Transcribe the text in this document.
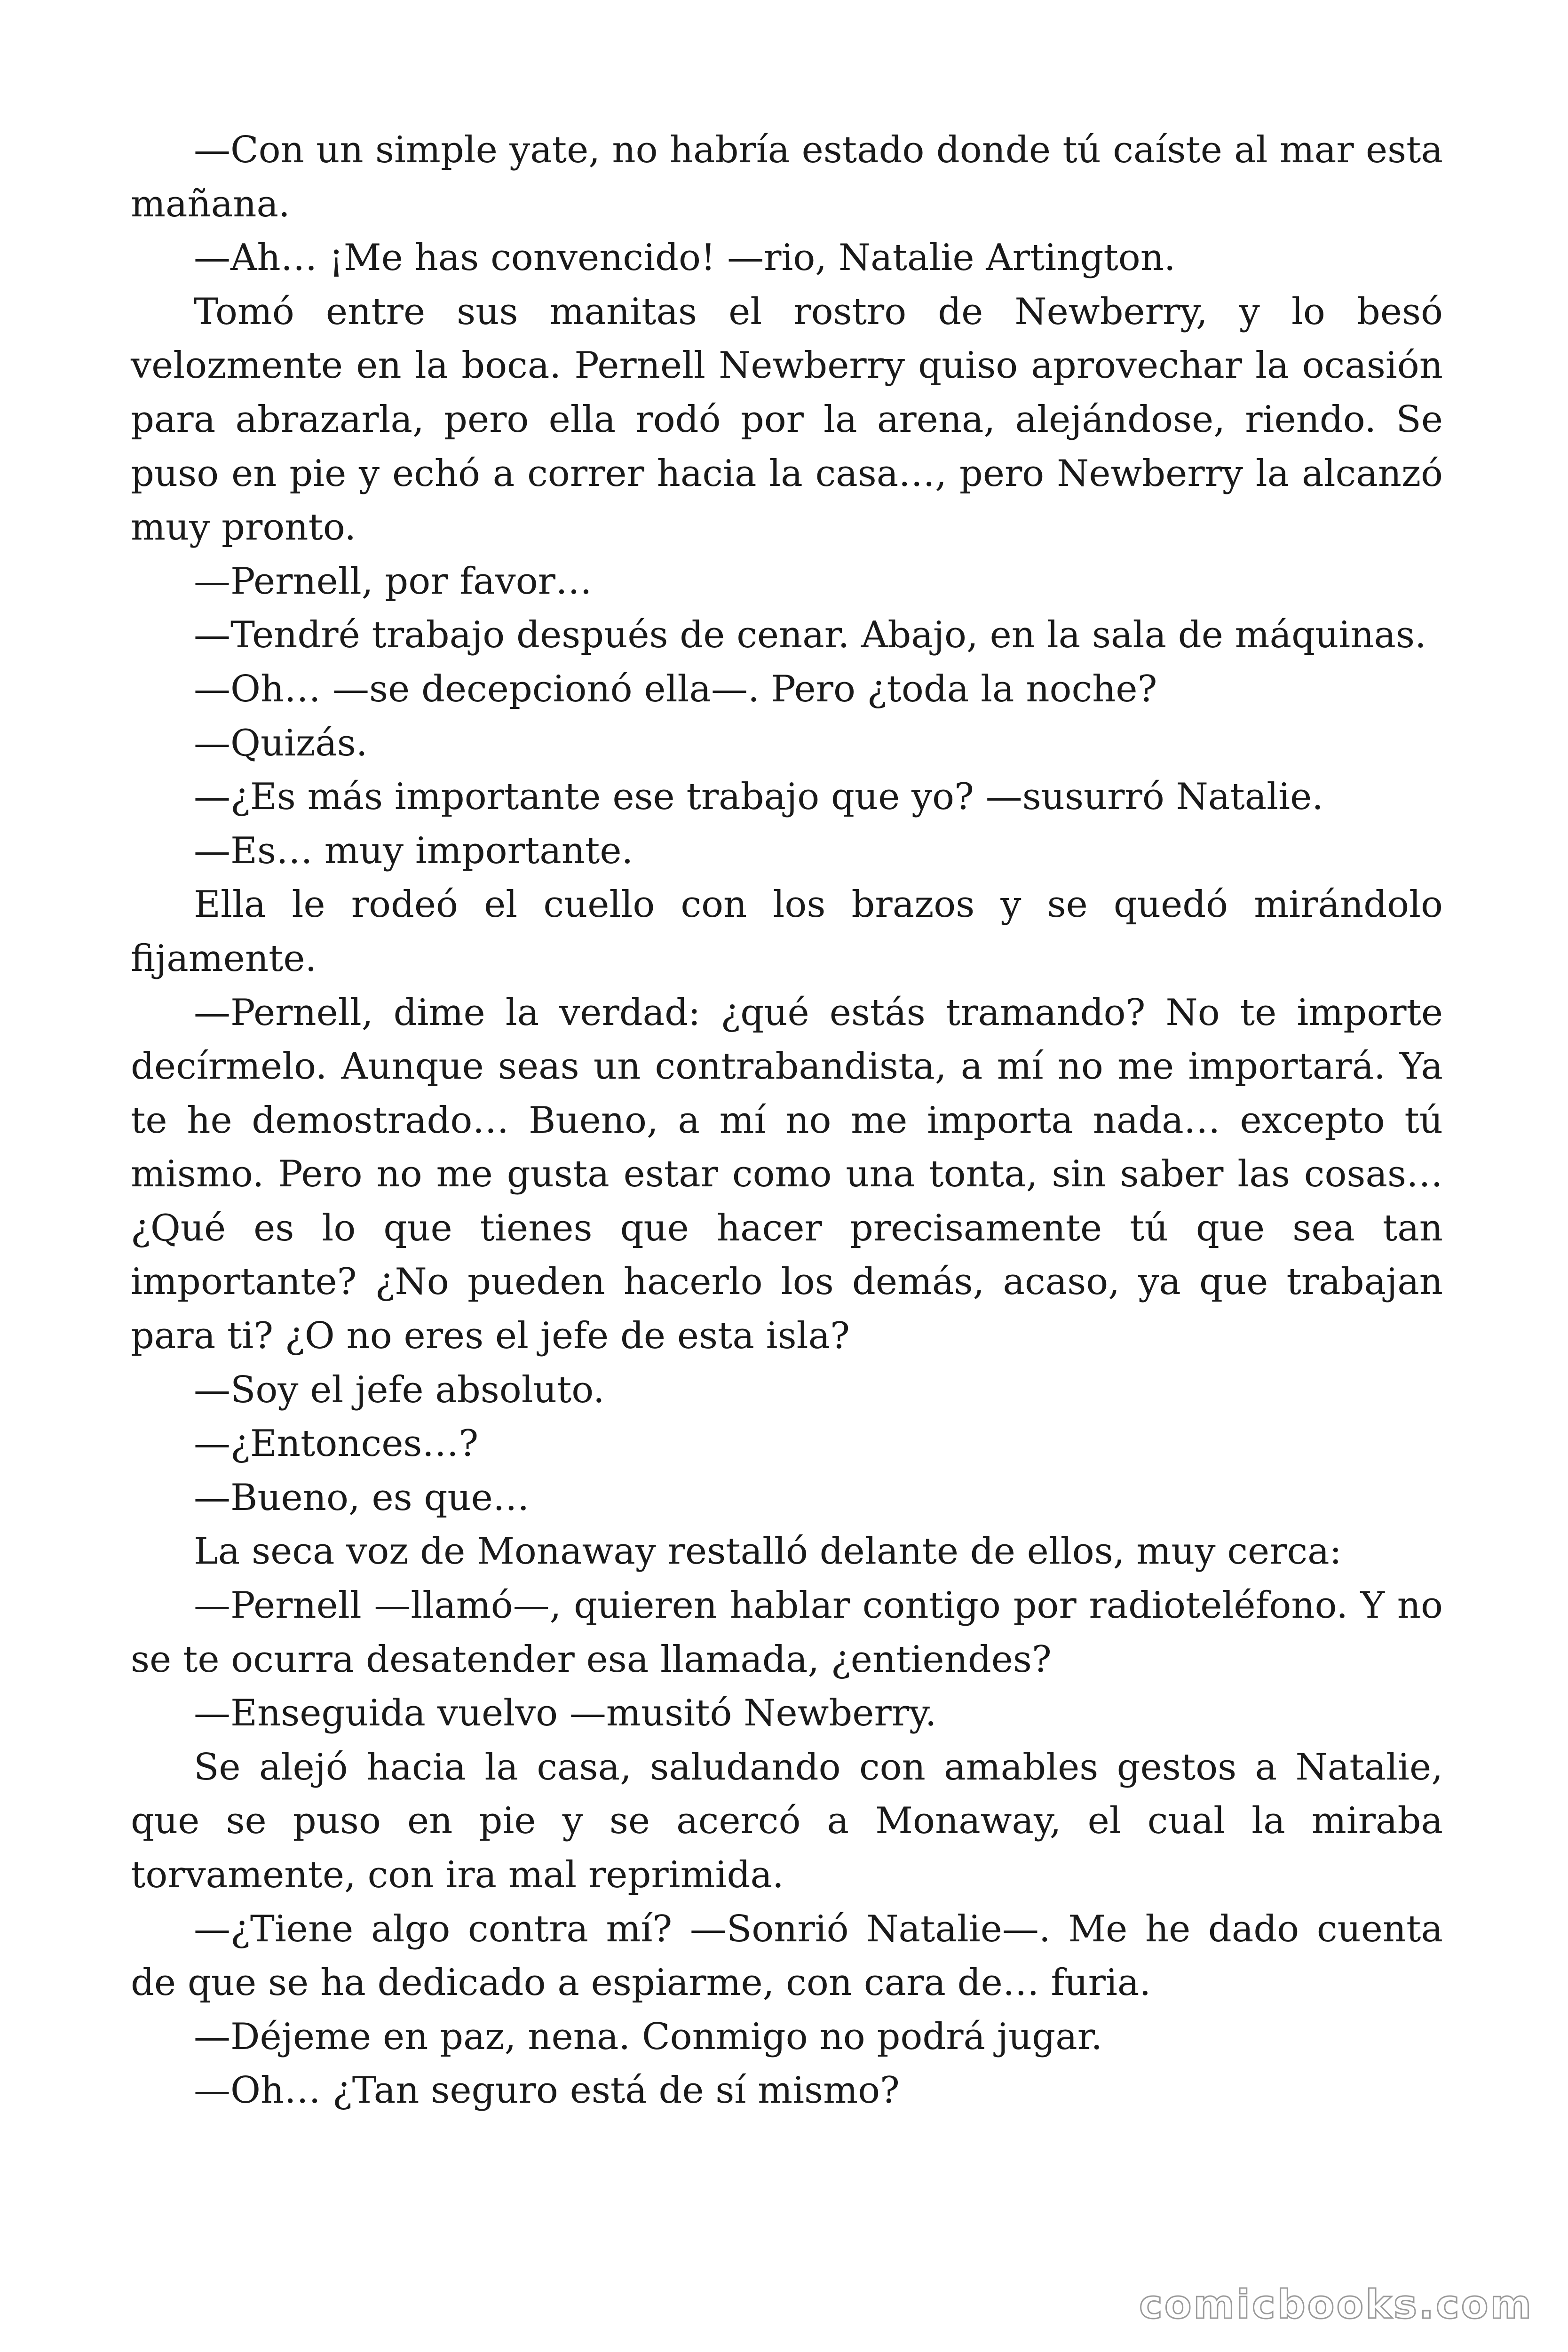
—Con un simple yate, no habría estado donde tú caíste al mar esta mañana.

—Ah… ¡Me has convencido! —rio, Natalie Artington.

Tomó entre sus manitas el rostro de Newberry, y lo besó velozmente en la boca. Pernell Newberry quiso aprovechar la ocasión para abrazarla, pero ella rodó por la arena, alejándose, riendo. Se puso en pie y echó a correr hacia la casa…, pero Newberry la alcanzó muy pronto.

—Pernell, por favor…

—Tendré trabajo después de cenar. Abajo, en la sala de máquinas.

—Oh… —se decepcionó ella—. Pero ¿toda la noche?

—Quizás.

—¿Es más importante ese trabajo que yo? —susurró Natalie.

—Es… muy importante.

Ella le rodeó el cuello con los brazos y se quedó mirándolo fijamente.

—Pernell, dime la verdad: ¿qué estás tramando? No te importe decírmelo. Aunque seas un contrabandista, a mí no me importará. Ya te he demostrado… Bueno, a mí no me importa nada… excepto tú mismo. Pero no me gusta estar como una tonta, sin saber las cosas… ¿Qué es lo que tienes que hacer precisamente tú que sea tan importante? ¿No pueden hacerlo los demás, acaso, ya que trabajan para ti? ¿O no eres el jefe de esta isla?

—Soy el jefe absoluto.

—¿Entonces…?

—Bueno, es que…

La seca voz de Monaway restalló delante de ellos, muy cerca:

—Pernell —llamó—, quieren hablar contigo por radioteléfono. Y no se te ocurra desatender esa llamada, ¿entiendes?

—Enseguida vuelvo —musitó Newberry.

Se alejó hacia la casa, saludando con amables gestos a Natalie, que se puso en pie y se acercó a Monaway, el cual la miraba torvamente, con ira mal reprimida.

—¿Tiene algo contra mí? —Sonrió Natalie—. Me he dado cuenta de que se ha dedicado a espiarme, con cara de… furia.

—Déjeme en paz, nena. Conmigo no podrá jugar.

—Oh… ¿Tan seguro está de sí mismo?

comicbooks.com
